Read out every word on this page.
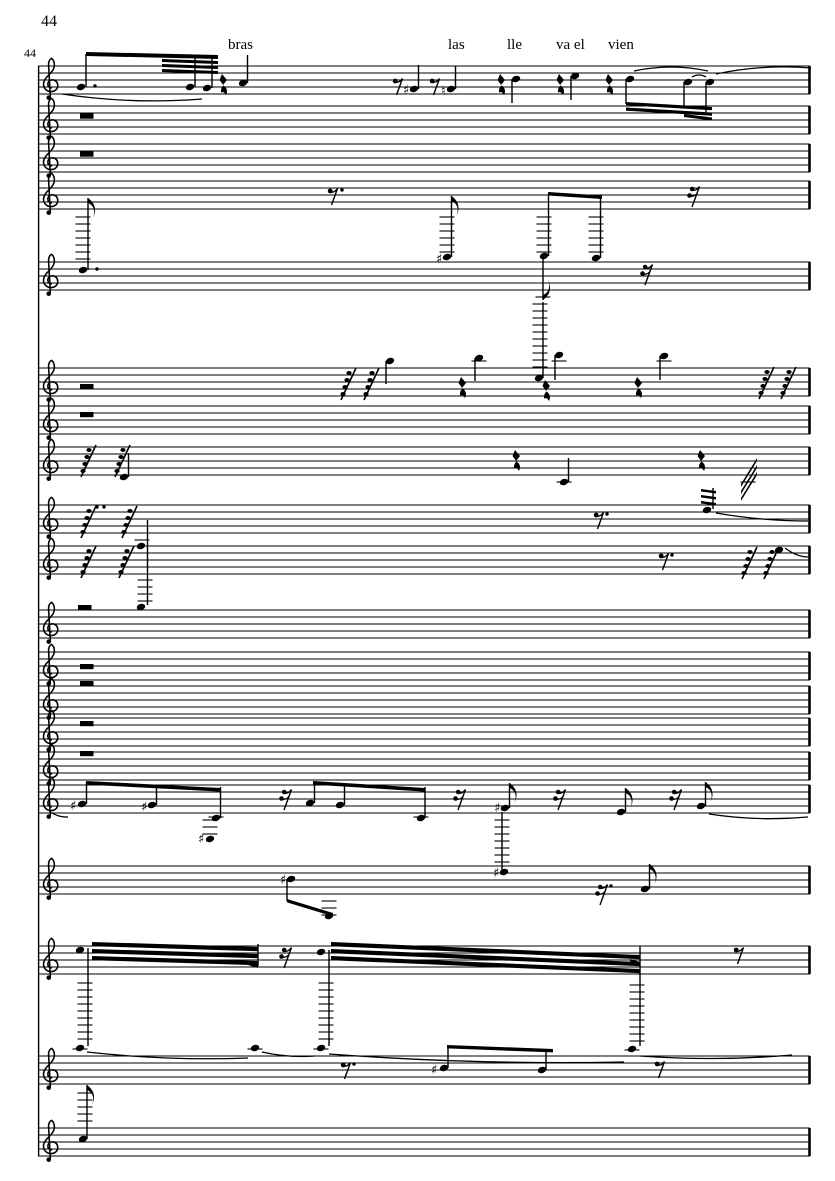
44
44	bras	las	lle va el vien
♯ ♮
♯
♯	♯
♯
♯
♯	♯
♯
